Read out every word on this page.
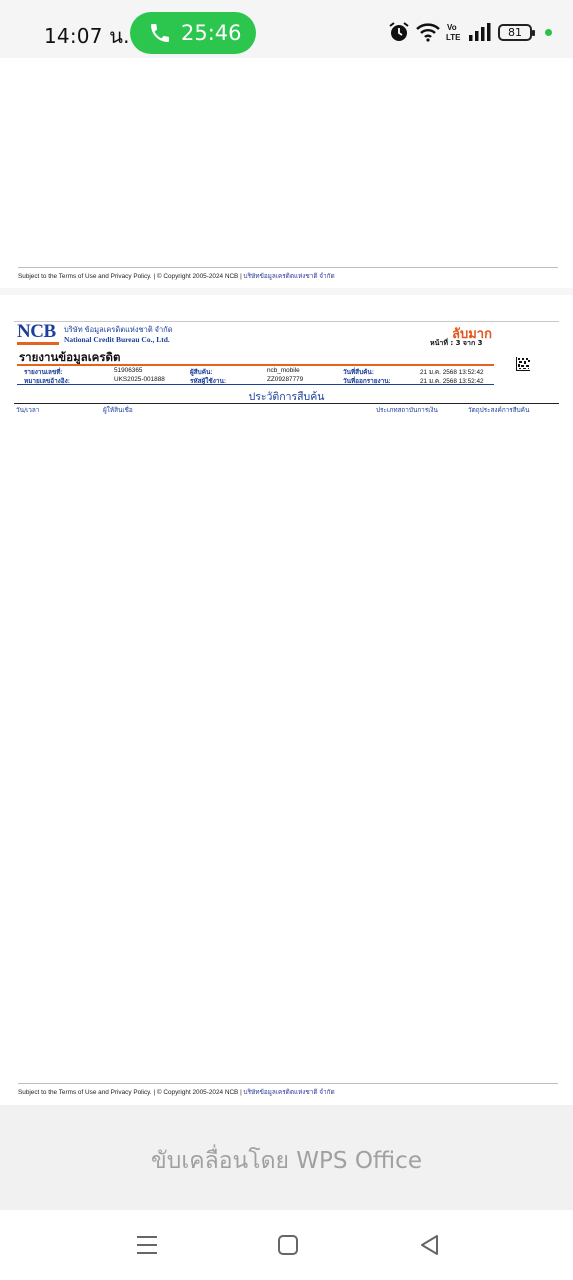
14:07 น. 25:46	Vo
LTE	81
Subject to the Terms of Use and Privacy Policy. | © Copyright 2005-2024 NCB | บริษัทข้อมูลเครดิตแห่งชาติ จำกัด
NCB บริษัท ข้อมูลเครดิตแห่งชาติ จำกัด
National Credit Bureau Co., Ltd.	ลับมาก
หน้าที่ : 3 จาก 3
รายงานข้อมูลเครดิต
รายงานเลขที่:	51906365
หมายเลขอ้างอิง:	UKS2025-001888
ผู้สืบค้น:	ncb_mobile
รหัสผู้ใช้งาน:	ZZ09287779
วันที่สืบค้น:	21 ม.ค. 2568 13:52:42
วันที่ออกรายงาน:	21 ม.ค. 2568 13:52:42
ประวัติการสืบค้น
วัน/เวลา	ผู้ให้สินเชื่อ	ประเภทสถาบันการเงิน	วัตถุประสงค์การสืบค้น
Subject to the Terms of Use and Privacy Policy. | © Copyright 2005-2024 NCB | บริษัทข้อมูลเครดิตแห่งชาติ จำกัด
ขับเคลื่อนโดย WPS Office
